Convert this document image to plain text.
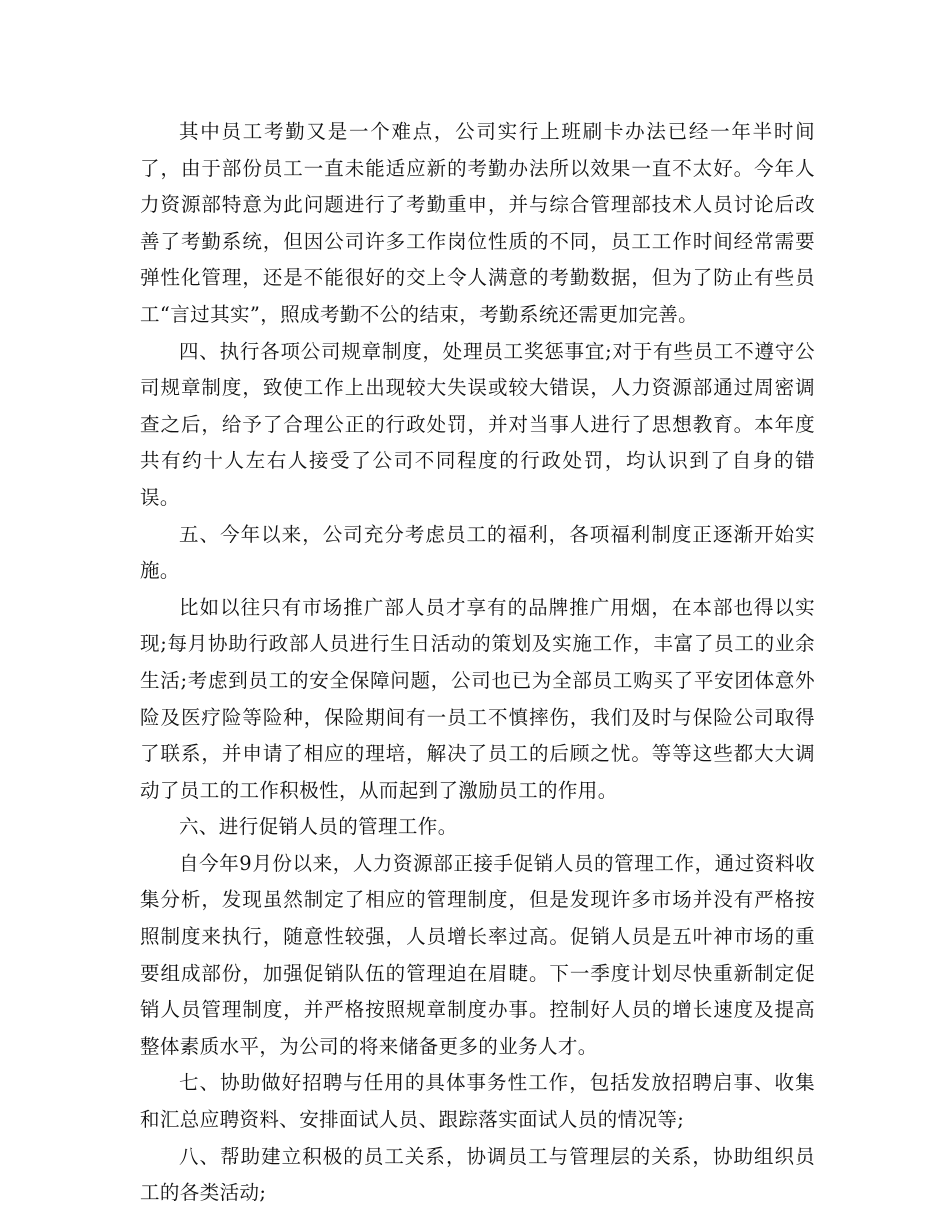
其中员工考勤又是一个难点，公司实行上班刷卡办法已经一年半时间了，由于部份员工一直未能适应新的考勤办法所以效果一直不太好。今年人力资源部特意为此问题进行了考勤重申，并与综合管理部技术人员讨论后改善了考勤系统，但因公司许多工作岗位性质的不同，员工工作时间经常需要弹性化管理，还是不能很好的交上令人满意的考勤数据，但为了防止有些员工“言过其实”，照成考勤不公的结束，考勤系统还需更加完善。

四、执行各项公司规章制度，处理员工奖惩事宜;对于有些员工不遵守公司规章制度，致使工作上出现较大失误或较大错误，人力资源部通过周密调查之后，给予了合理公正的行政处罚，并对当事人进行了思想教育。本年度共有约十人左右人接受了公司不同程度的行政处罚，均认识到了自身的错误。

五、今年以来，公司充分考虑员工的福利，各项福利制度正逐渐开始实施。

比如以往只有市场推广部人员才享有的品牌推广用烟，在本部也得以实现;每月协助行政部人员进行生日活动的策划及实施工作，丰富了员工的业余生活;考虑到员工的安全保障问题，公司也已为全部员工购买了平安团体意外险及医疗险等险种，保险期间有一员工不慎摔伤，我们及时与保险公司取得了联系，并申请了相应的理培，解决了员工的后顾之忧。等等这些都大大调动了员工的工作积极性，从而起到了激励员工的作用。

六、进行促销人员的管理工作。

自今年9月份以来，人力资源部正接手促销人员的管理工作，通过资料收集分析，发现虽然制定了相应的管理制度，但是发现许多市场并没有严格按照制度来执行，随意性较强，人员增长率过高。促销人员是五叶神市场的重要组成部份，加强促销队伍的管理迫在眉睫。下一季度计划尽快重新制定促销人员管理制度，并严格按照规章制度办事。控制好人员的增长速度及提高整体素质水平，为公司的将来储备更多的业务人才。

七、协助做好招聘与任用的具体事务性工作，包括发放招聘启事、收集和汇总应聘资料、安排面试人员、跟踪落实面试人员的情况等;

八、帮助建立积极的员工关系，协调员工与管理层的关系，协助组织员工的各类活动;
